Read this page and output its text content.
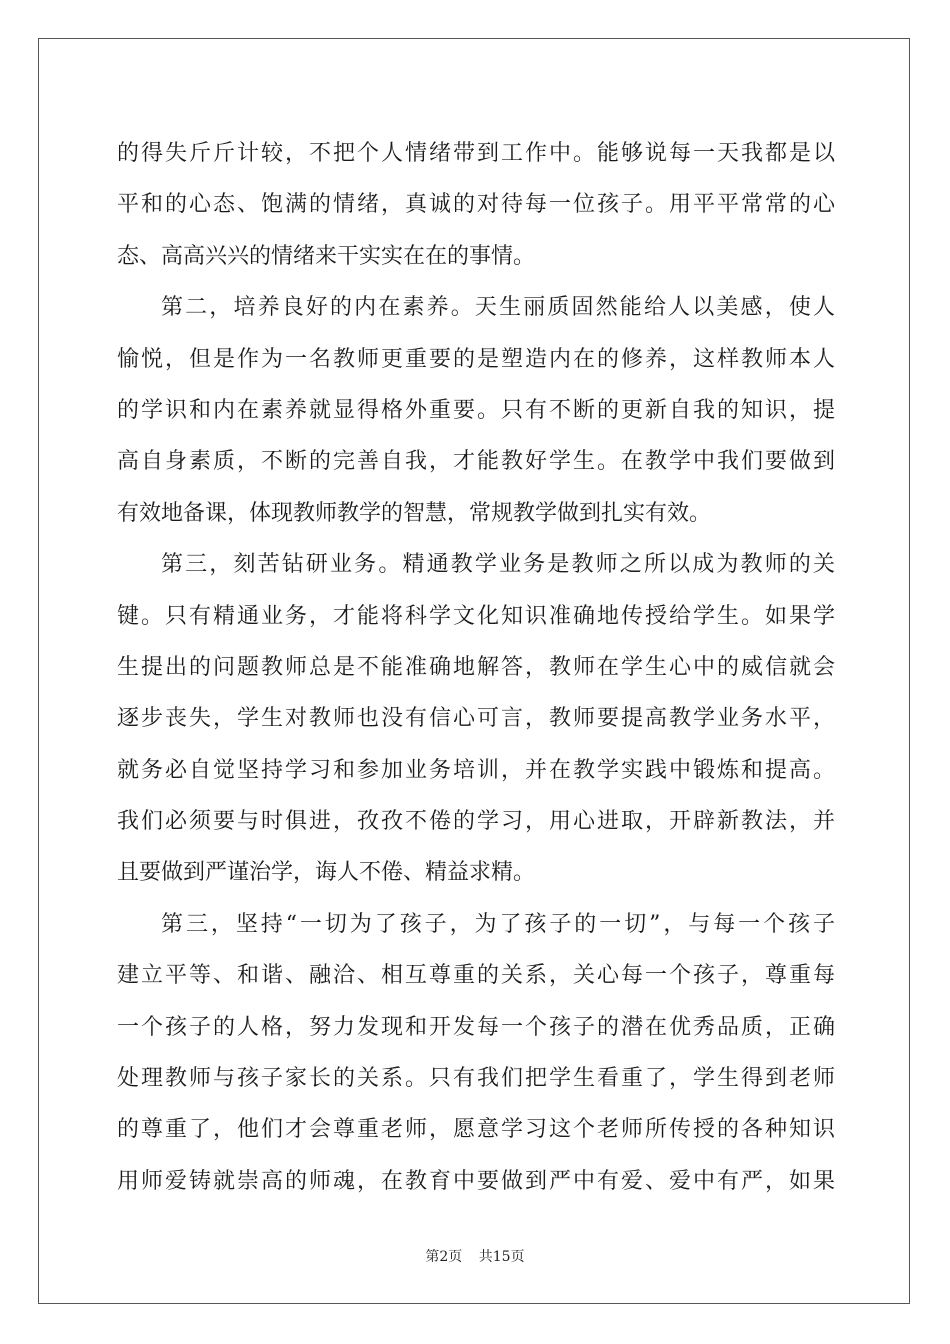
的得失斤斤计较，不把个人情绪带到工作中。能够说每一天我都是以
平和的心态、饱满的情绪，真诚的对待每一位孩子。用平平常常的心
态、高高兴兴的情绪来干实实在在的事情。
第二，培养良好的内在素养。天生丽质固然能给人以美感，使人
愉悦，但是作为一名教师更重要的是塑造内在的修养，这样教师本人
的学识和内在素养就显得格外重要。只有不断的更新自我的知识，提
高自身素质，不断的完善自我，才能教好学生。在教学中我们要做到
有效地备课，体现教师教学的智慧，常规教学做到扎实有效。
第三，刻苦钻研业务。精通教学业务是教师之所以成为教师的关
键。只有精通业务，才能将科学文化知识准确地传授给学生。如果学
生提出的问题教师总是不能准确地解答，教师在学生心中的威信就会
逐步丧失，学生对教师也没有信心可言，教师要提高教学业务水平，
就务必自觉坚持学习和参加业务培训，并在教学实践中锻炼和提高。
我们必须要与时俱进，孜孜不倦的学习，用心进取，开辟新教法，并
且要做到严谨治学，诲人不倦、精益求精。
第三，坚持“一切为了孩子，为了孩子的一切”，与每一个孩子
建立平等、和谐、融洽、相互尊重的关系，关心每一个孩子，尊重每
一个孩子的人格，努力发现和开发每一个孩子的潜在优秀品质，正确
处理教师与孩子家长的关系。只有我们把学生看重了，学生得到老师
的尊重了，他们才会尊重老师，愿意学习这个老师所传授的各种知识
用师爱铸就崇高的师魂，在教育中要做到严中有爱、爱中有严，如果
第2页 共15页
